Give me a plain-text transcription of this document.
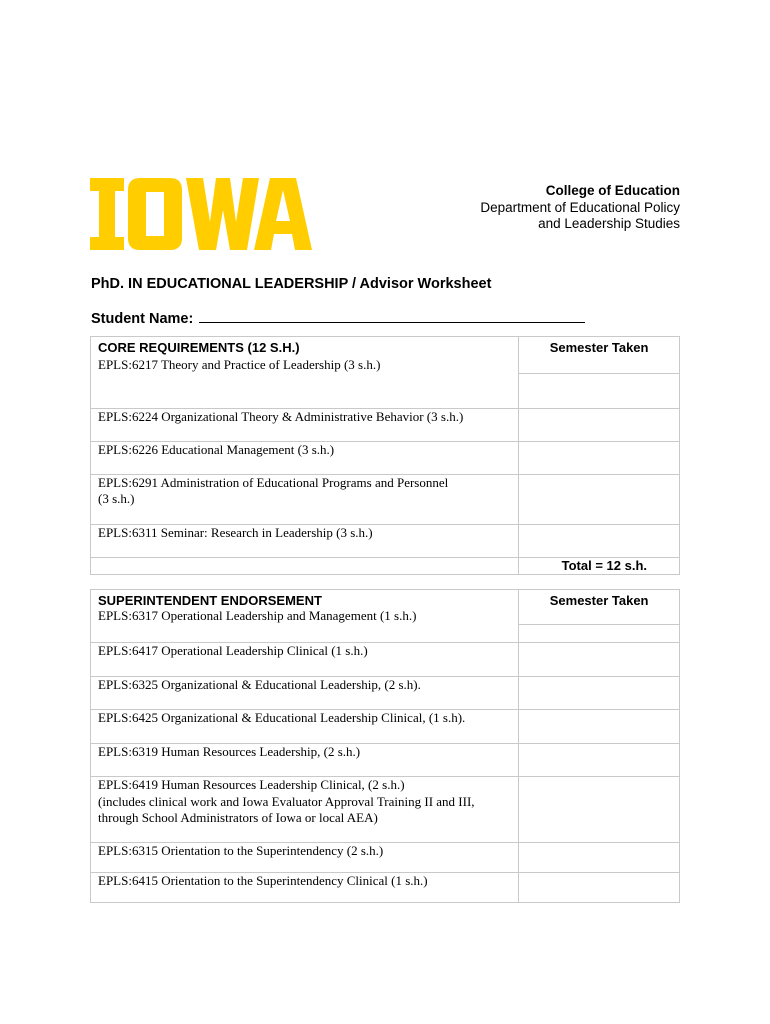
College of Education
Department of Educational Policy
and Leadership Studies
PhD. IN EDUCATIONAL LEADERSHIP / Advisor Worksheet
Student Name:
CORE REQUIREMENTS (12 S.H.)	Semester Taken

EPLS:6217 Theory and Practice of Leadership (3 s.h.)	

EPLS:6224 Organizational Theory & Administrative Behavior (3 s.h.)	

EPLS:6226 Educational Management (3 s.h.)	

EPLS:6291 Administration of Educational Programs and Personnel
(3 s.h.)	

EPLS:6311 Seminar: Research in Leadership (3 s.h.)	

	Total = 12 s.h.
SUPERINTENDENT ENDORSEMENT	Semester Taken

EPLS:6317 Operational Leadership and Management (1 s.h.)	

EPLS:6417 Operational Leadership Clinical (1 s.h.)	

EPLS:6325 Organizational & Educational Leadership, (2 s.h).	

EPLS:6425 Organizational & Educational Leadership Clinical, (1 s.h).	

EPLS:6319 Human Resources Leadership, (2 s.h.)	

EPLS:6419 Human Resources Leadership Clinical, (2 s.h.)
(includes clinical work and Iowa Evaluator Approval Training II and III,
through School Administrators of Iowa or local AEA)	

EPLS:6315 Orientation to the Superintendency (2 s.h.)	

EPLS:6415 Orientation to the Superintendency Clinical (1 s.h.)	
